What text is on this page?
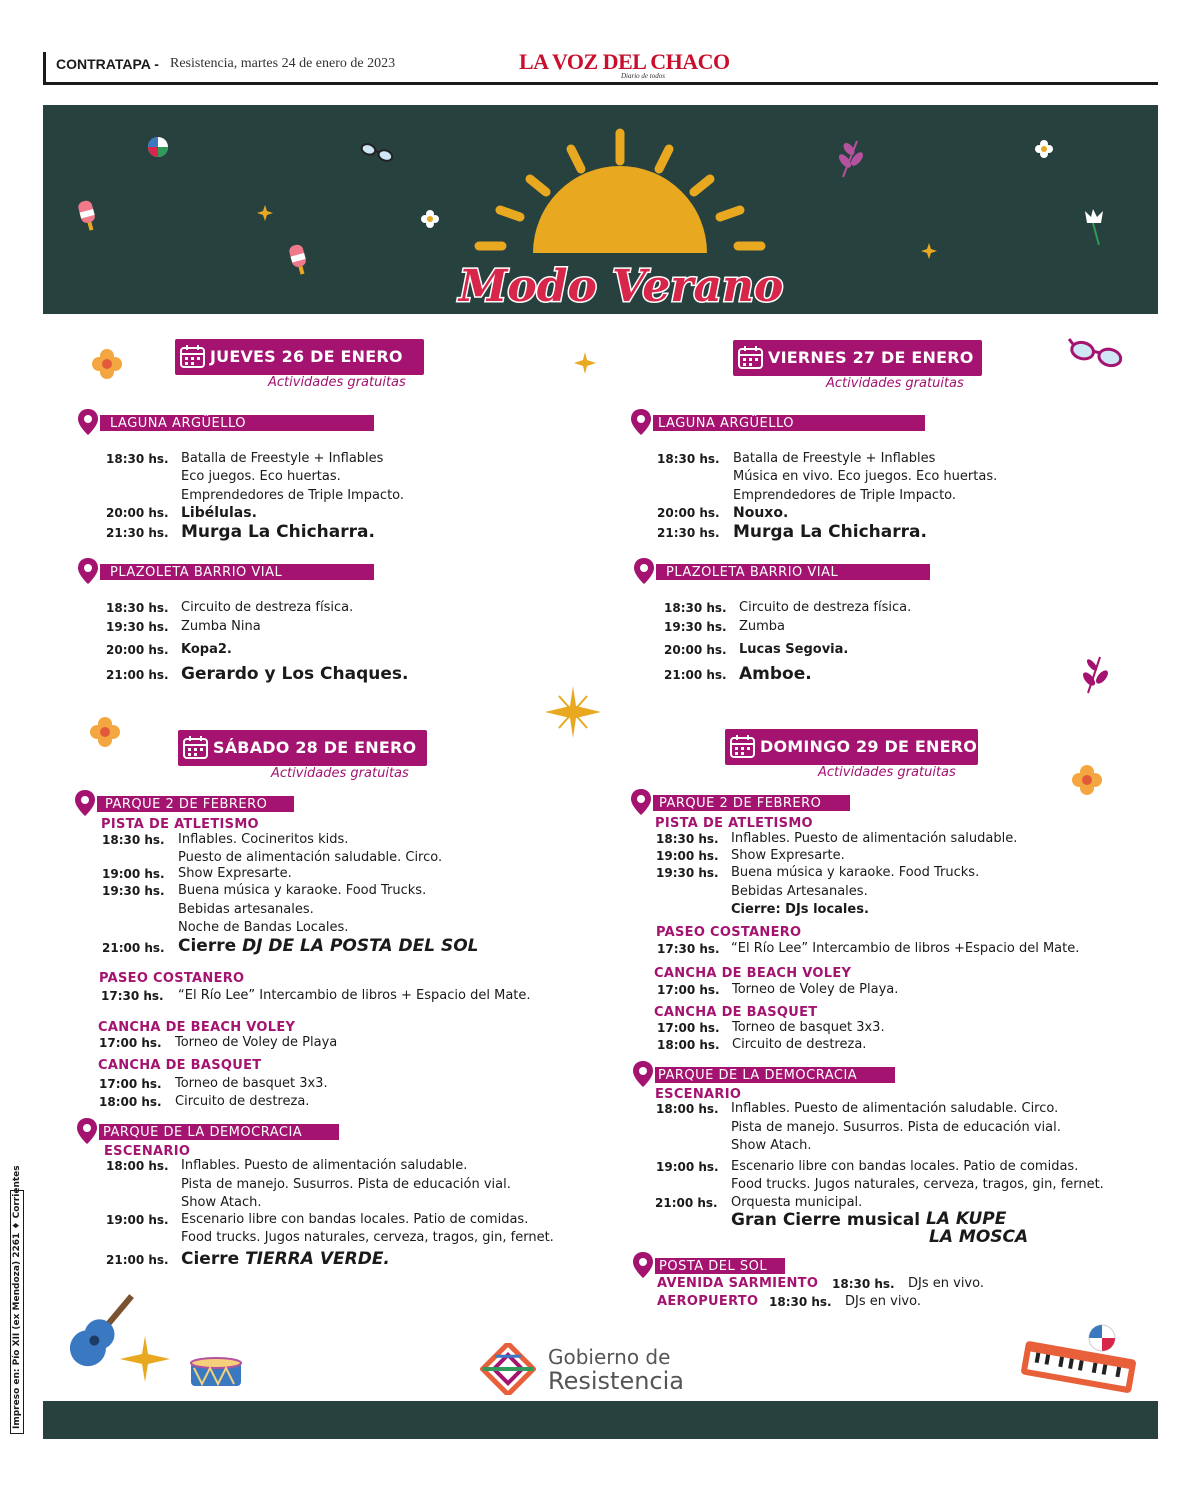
CONTRATAPA - Resistencia, martes 24 de enero de 2023	LA VOZ DEL CHACO
Diario de todos
Modo Verano
JUEVES 26 DE ENERO
Actividades gratuitas
LAGUNA ARGÜELLO
18:30 hs. Batalla de Freestyle + Inflables
Eco juegos. Eco huertas.
Emprendedores de Triple Impacto.
20:00 hs. Libélulas.
21:30 hs. Murga La Chicharra.
PLAZOLETA BARRIO VIAL
18:30 hs. Circuito de destreza física.
19:30 hs. Zumba Nina
20:00 hs. Kopa2.
21:00 hs. Gerardo y Los Chaques.
VIERNES 27 DE ENERO
Actividades gratuitas
LAGUNA ARGÜELLO
18:30 hs. Batalla de Freestyle + Inflables
Música en vivo. Eco juegos. Eco huertas.
Emprendedores de Triple Impacto.
20:00 hs. Nouxo.
21:30 hs. Murga La Chicharra.
PLAZOLETA BARRIO VIAL
18:30 hs. Circuito de destreza física.
19:30 hs. Zumba
20:00 hs. Lucas Segovia.
21:00 hs. Amboe.
SÁBADO 28 DE ENERO
Actividades gratuitas
PARQUE 2 DE FEBRERO
PISTA DE ATLETISMO
18:30 hs. Inflables. Cocineritos kids.
Puesto de alimentación saludable. Circo.
19:00 hs. Show Expresarte.
19:30 hs. Buena música y karaoke. Food Trucks.
Bebidas artesanales.
Noche de Bandas Locales.
21:00 hs. Cierre DJ DE LA POSTA DEL SOL
PASEO COSTANERO
17:30 hs. “El Río Lee” Intercambio de libros + Espacio del Mate.
CANCHA DE BEACH VOLEY
17:00 hs. Torneo de Voley de Playa
CANCHA DE BASQUET
17:00 hs. Torneo de basquet 3x3.
18:00 hs. Circuito de destreza.
PARQUE DE LA DEMOCRACIA
ESCENARIO
18:00 hs. Inflables. Puesto de alimentación saludable.
Pista de manejo. Susurros. Pista de educación vial.
Show Atach.
19:00 hs. Escenario libre con bandas locales. Patio de comidas.
Food trucks. Jugos naturales, cerveza, tragos, gin, fernet.
21:00 hs. Cierre TIERRA VERDE.
DOMINGO 29 DE ENERO
Actividades gratuitas
PARQUE 2 DE FEBRERO
PISTA DE ATLETISMO
18:30 hs. Inflables. Puesto de alimentación saludable.
19:00 hs. Show Expresarte.
19:30 hs. Buena música y karaoke. Food Trucks.
Bebidas Artesanales.
Cierre: DJs locales.
PASEO COSTANERO
17:30 hs. “El Río Lee” Intercambio de libros +Espacio del Mate.
CANCHA DE BEACH VOLEY
17:00 hs. Torneo de Voley de Playa.
CANCHA DE BASQUET
17:00 hs. Torneo de basquet 3x3.
18:00 hs. Circuito de destreza.
PARQUE DE LA DEMOCRACIA
ESCENARIO
18:00 hs. Inflables. Puesto de alimentación saludable. Circo.
Pista de manejo. Susurros. Pista de educación vial.
Show Atach.
19:00 hs. Escenario libre con bandas locales. Patio de comidas.
Food trucks. Jugos naturales, cerveza, tragos, gin, fernet.
21:00 hs. Orquesta municipal.
Gran Cierre musical LA KUPE
LA MOSCA
POSTA DEL SOL
AVENIDA SARMIENTO 18:30 hs. DJs en vivo.
AEROPUERTO 18:30 hs. DJs en vivo.
Gobierno de
Resistencia
Impreso en: Pío XII (ex Mendoza) 2261 ♦ Corrientes
